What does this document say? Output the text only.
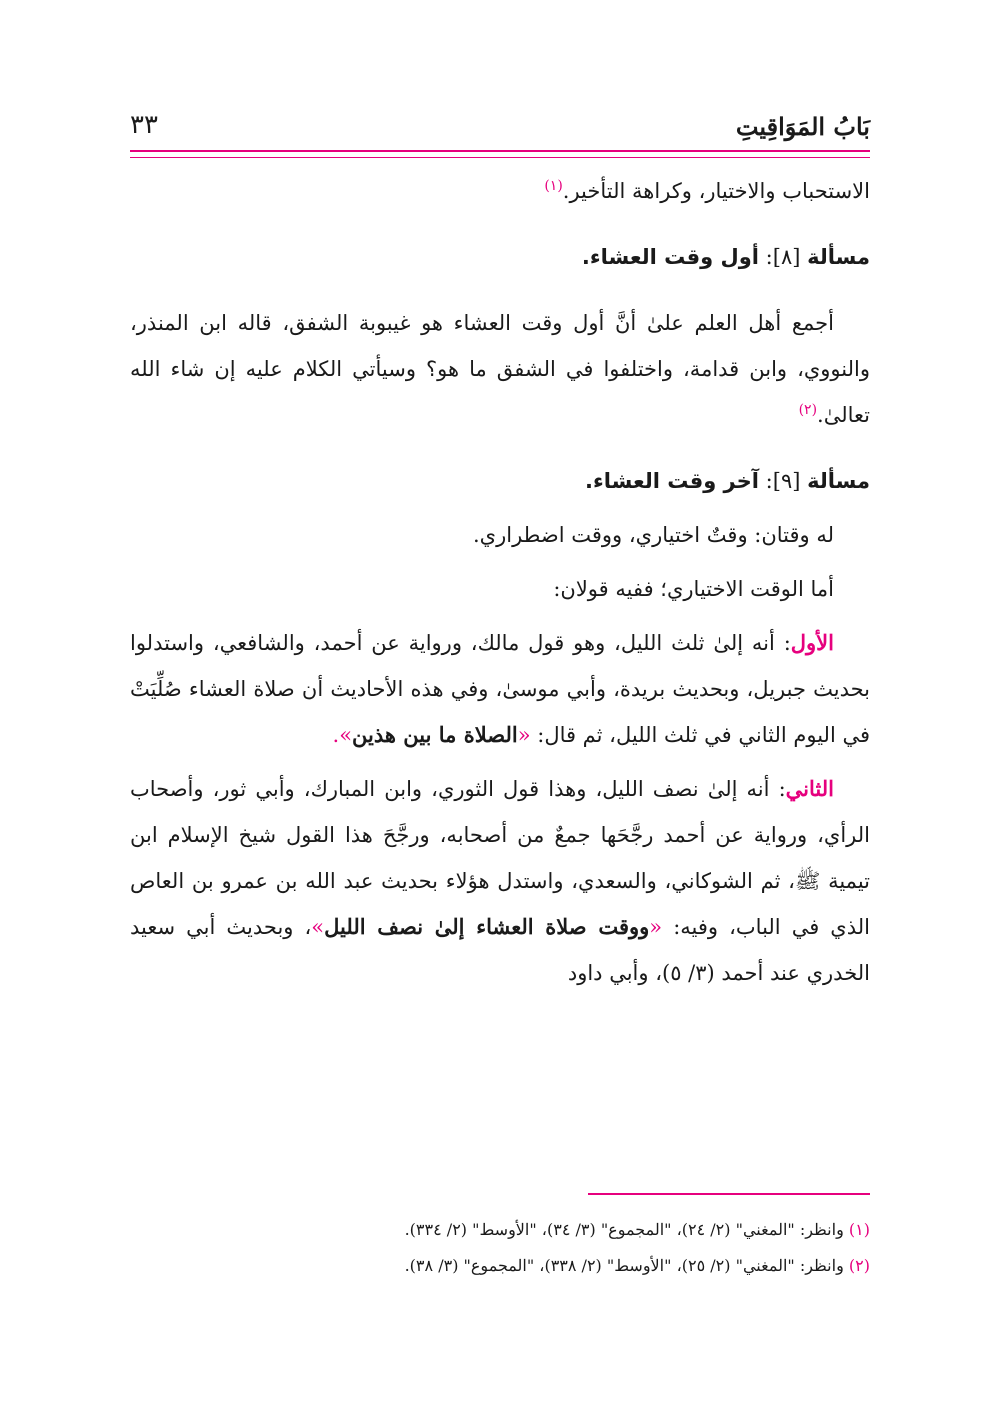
بَابُ المَوَاقِيتِ
٣٣

الاستحباب والاختيار، وكراهة التأخير.$^{(١)}$

مسألة [٨]: أول وقت العشاء.

أجمع أهل العلم علىٰ أنَّ أول وقت العشاء هو غيبوبة الشفق، قاله ابن المنذر، والنووي، وابن قدامة، واختلفوا في الشفق ما هو؟ وسيأتي الكلام عليه إن شاء الله تعالىٰ.$^{(٢)}$

مسألة [٩]: آخر وقت العشاء.

له وقتان: وقتٌ اختياري، ووقت اضطراري.

أما الوقت الاختياري؛ ففيه قولان:

الأول: أنه إلىٰ ثلث الليل، وهو قول مالك، ورواية عن أحمد، والشافعي، واستدلوا بحديث جبريل، وبحديث بريدة، وأبي موسىٰ، وفي هذه الأحاديث أن صلاة العشاء صُلِّيَتْ في اليوم الثاني في ثلث الليل، ثم قال: «الصلاة ما بين هذين».

الثاني: أنه إلىٰ نصف الليل، وهذا قول الثوري، وابن المبارك، وأبي ثور، وأصحاب الرأي، ورواية عن أحمد رجَّحَها جمعٌ من أصحابه، ورجَّحَ هذا القول شيخ الإسلام ابن تيمية ﷺ، ثم الشوكاني، والسعدي، واستدل هؤلاء بحديث عبد الله بن عمرو بن العاص الذي في الباب، وفيه: «ووقت صلاة العشاء إلىٰ نصف الليل»، وبحديث أبي سعيد الخدري عند أحمد (٣/ ٥)، وأبي داود

(١) وانظر: "المغني" (٢/ ٢٤)، "المجموع" (٣/ ٣٤)، "الأوسط" (٢/ ٣٣٤).

(٢) وانظر: "المغني" (٢/ ٢٥)، "الأوسط" (٢/ ٣٣٨)، "المجموع" (٣/ ٣٨).
